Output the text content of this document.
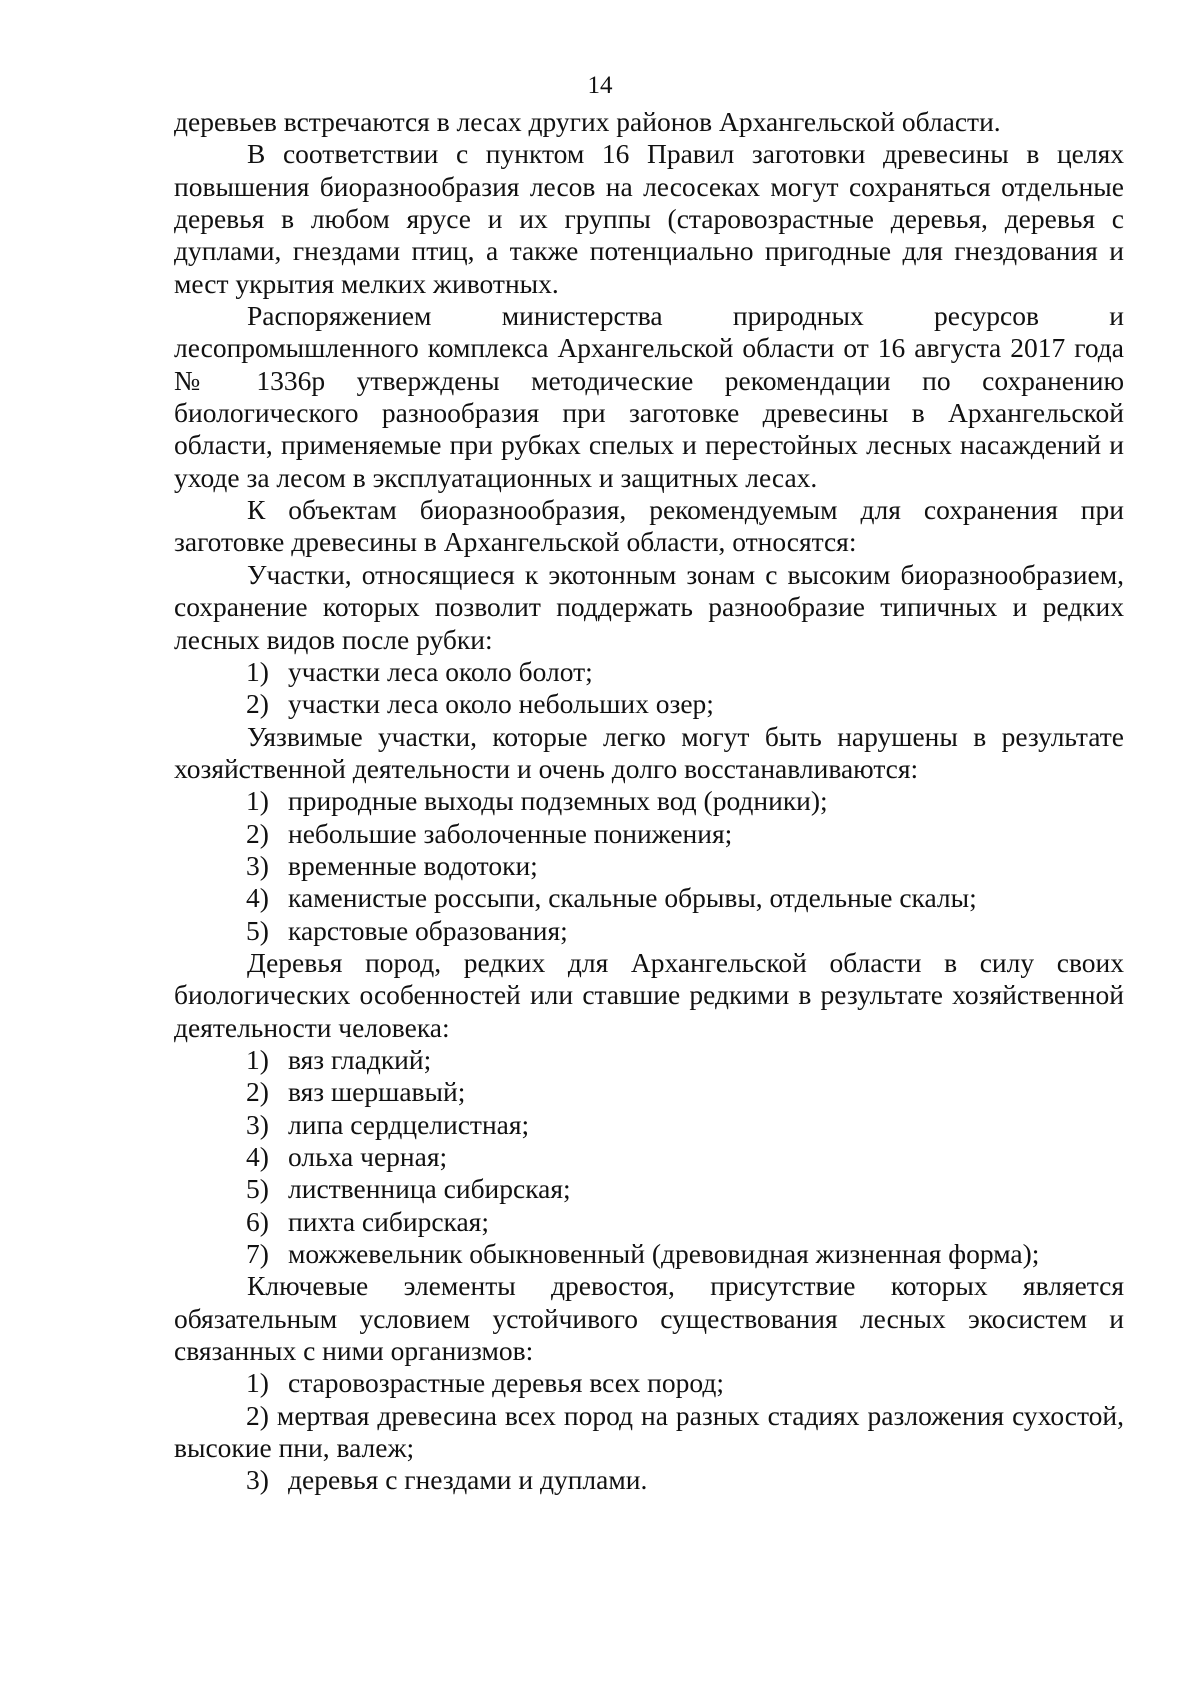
14

деревьев встречаются в лесах других районов Архангельской области.

В соответствии с пунктом 16 Правил заготовки древесины в целях повышения биоразнообразия лесов на лесосеках могут сохраняться отдельные деревья в любом ярусе и их группы (старовозрастные деревья, деревья с дуплами, гнездами птиц, а также потенциально пригодные для гнездования и мест укрытия мелких животных.

Распоряжением министерства природных ресурсов и

лесопромышленного комплекса Архангельской области от 16 августа 2017 года № 1336р утверждены методические рекомендации по сохранению биологического разнообразия при заготовке древесины в Архангельской области, применяемые при рубках спелых и перестойных лесных насаждений и уходе за лесом в эксплуатационных и защитных лесах.

К объектам биоразнообразия, рекомендуемым для сохранения при заготовке древесины в Архангельской области, относятся:

Участки, относящиеся к экотонным зонам с высоким биоразнообразием, сохранение которых позволит поддержать разнообразие типичных и редких лесных видов после рубки:

1) участки леса около болот;
2) участки леса около небольших озер;

Уязвимые участки, которые легко могут быть нарушены в результате хозяйственной деятельности и очень долго восстанавливаются:

1) природные выходы подземных вод (родники);
2) небольшие заболоченные понижения;
3) временные водотоки;
4) каменистые россыпи, скальные обрывы, отдельные скалы;
5) карстовые образования;

Деревья пород, редких для Архангельской области в силу своих биологических особенностей или ставшие редкими в результате хозяйственной деятельности человека:

1) вяз гладкий;
2) вяз шершавый;
3) липа сердцелистная;
4) ольха черная;
5) лиственница сибирская;
6) пихта сибирская;
7) можжевельник обыкновенный (древовидная жизненная форма);

Ключевые элементы древостоя, присутствие которых является обязательным условием устойчивого существования лесных экосистем и связанных с ними организмов:

1) старовозрастные деревья всех пород;

2) мертвая древесина всех пород на разных стадиях разложения сухостой, высокие пни, валеж;

3) деревья с гнездами и дуплами.
